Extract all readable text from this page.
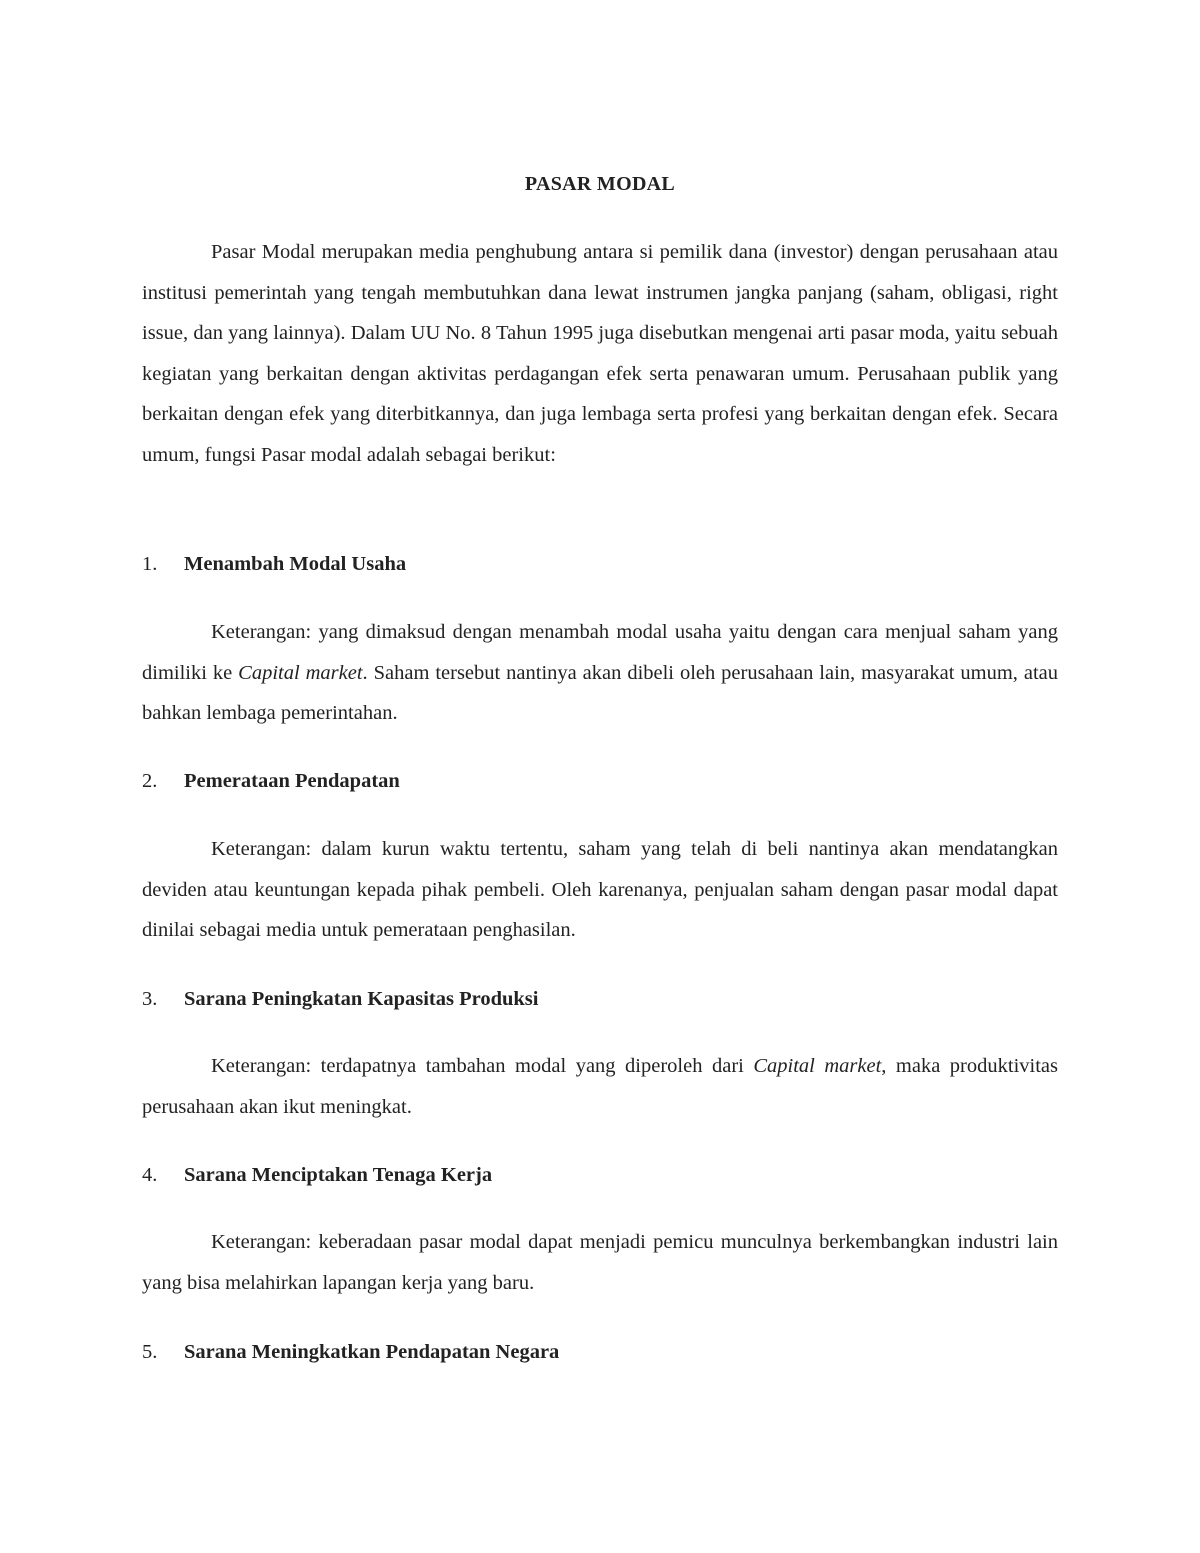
PASAR MODAL

Pasar Modal merupakan media penghubung antara si pemilik dana (investor) dengan perusahaan atau institusi pemerintah yang tengah membutuhkan dana lewat instrumen jangka panjang (saham, obligasi, right issue, dan yang lainnya). Dalam UU No. 8 Tahun 1995 juga disebutkan mengenai arti pasar moda, yaitu sebuah kegiatan yang berkaitan dengan aktivitas perdagangan efek serta penawaran umum. Perusahaan publik yang berkaitan dengan efek yang diterbitkannya, dan juga lembaga serta profesi yang berkaitan dengan efek. Secara umum, fungsi Pasar modal adalah sebagai berikut:

1. Menambah Modal Usaha

Keterangan: yang dimaksud dengan menambah modal usaha yaitu dengan cara menjual saham yang dimiliki ke Capital market. Saham tersebut nantinya akan dibeli oleh perusahaan lain, masyarakat umum, atau bahkan lembaga pemerintahan.

2. Pemerataan Pendapatan

Keterangan: dalam kurun waktu tertentu, saham yang telah di beli nantinya akan mendatangkan deviden atau keuntungan kepada pihak pembeli. Oleh karenanya, penjualan saham dengan pasar modal dapat dinilai sebagai media untuk pemerataan penghasilan.

3. Sarana Peningkatan Kapasitas Produksi

Keterangan: terdapatnya tambahan modal yang diperoleh dari Capital market, maka produktivitas perusahaan akan ikut meningkat.

4. Sarana Menciptakan Tenaga Kerja

Keterangan: keberadaan pasar modal dapat menjadi pemicu munculnya berkembangkan industri lain yang bisa melahirkan lapangan kerja yang baru.

5. Sarana Meningkatkan Pendapatan Negara
